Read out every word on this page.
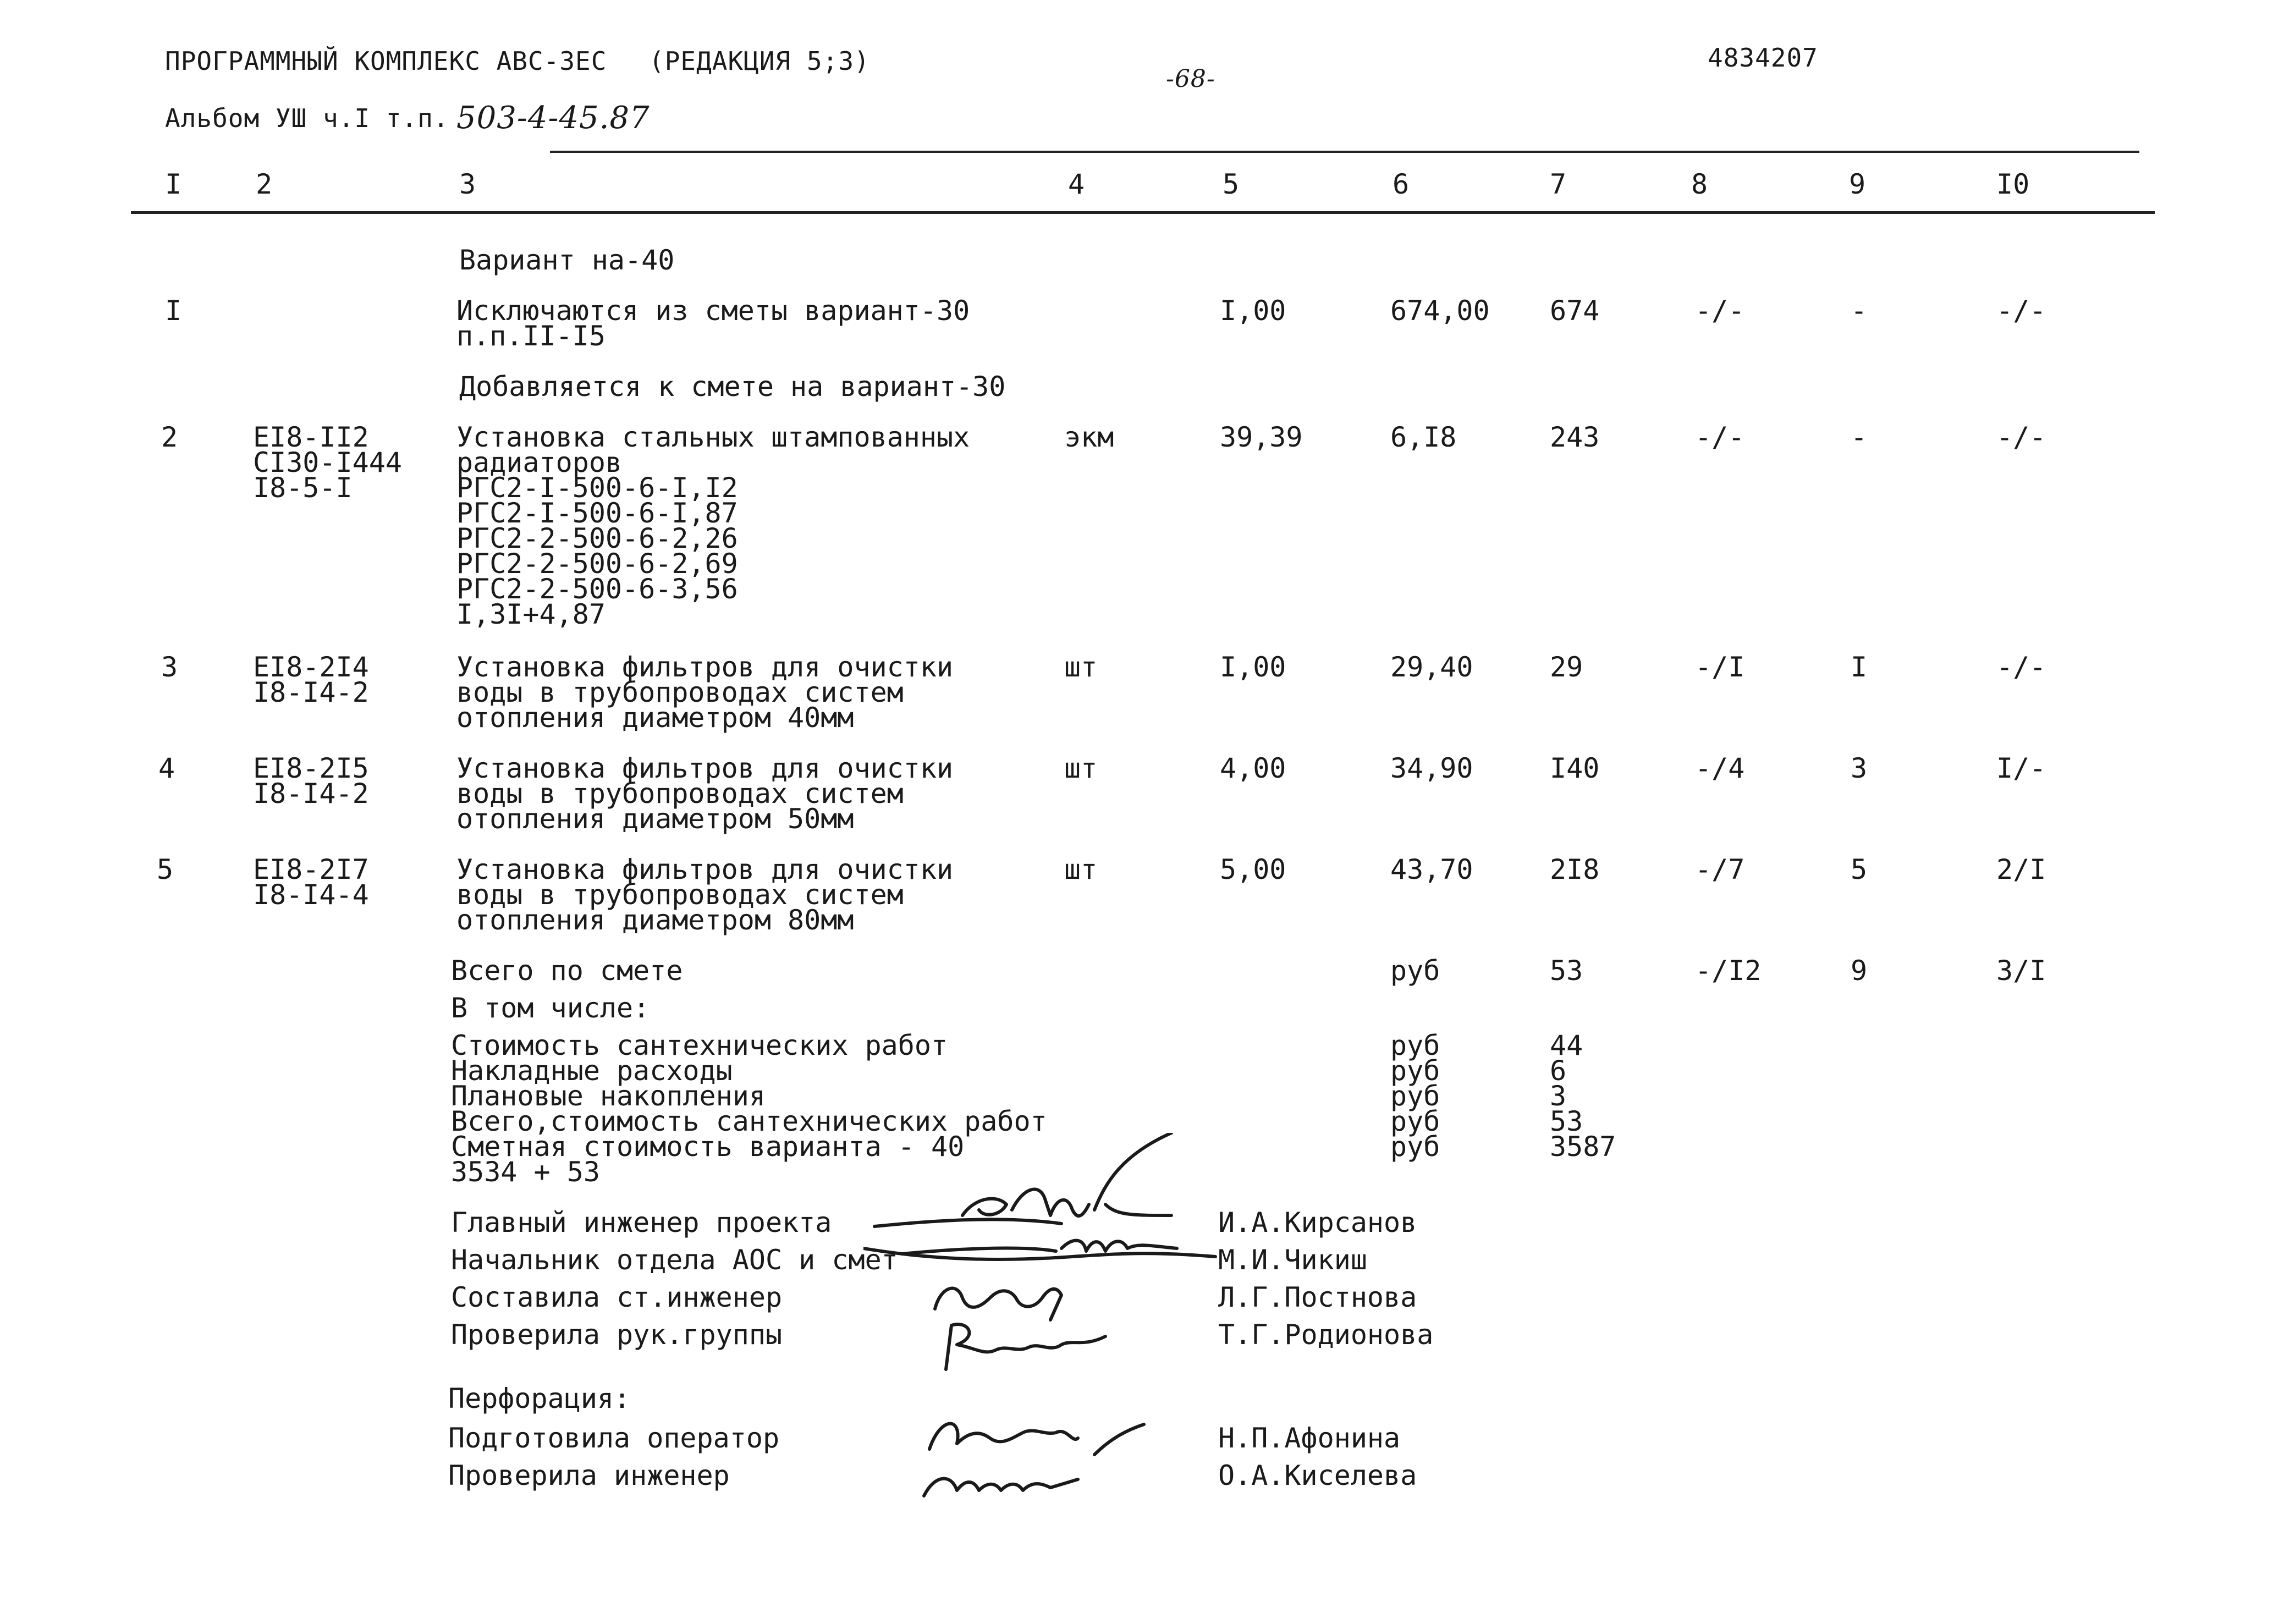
ПРОГРАММНЫЙ КОМПЛЕКС АВС-ЗЕС (РЕДАКЦИЯ 5;3)
-68-
4834207
Альбом УШ ч.I т.п. 503-4-45.87
I	2	3	4	5	6	7	8	9	I0
Вариант на-40
I	Исключаются из сметы вариант-30
п.п.II-I5
I,00	674,00 674	-/-	-	-/-
Добавляется к смете на вариант-30
2	EI8-II2
CI30-I444
I8-5-I
Установка стальных штампованных
радиаторов
РГС2-I-500-6-I,I2
РГС2-I-500-6-I,87
РГС2-2-500-6-2,26
РГС2-2-500-6-2,69
РГС2-2-500-6-3,56
I,3I+4,87
экм	39,39	6,I8	243	-/-	-	-/-
3	EI8-2I4
I8-I4-2
Установка фильтров для очистки
воды в трубопроводах систем
отопления диаметром 40мм
шт	I,00	29,40	29	-/I	I	-/-
4	EI8-2I5
I8-I4-2
Установка фильтров для очистки
воды в трубопроводах систем
отопления диаметром 50мм
шт	4,00	34,90	I40	-/4	3	I/-
5	EI8-2I7
I8-I4-4
Установка фильтров для очистки
воды в трубопроводах систем
отопления диаметром 80мм
шт	5,00	43,70	2I8	-/7	5	2/I
Всего по смете	руб	53	-/I2	9	3/I
В том числе:
Стоимость сантехнических работ	руб	44
Накладные расходы	руб	6
Плановые накопления	руб	3
Всего,стоимость сантехнических работ	руб	53
Сметная стоимость варианта - 40	руб	3587
3534 + 53
Главный инженер проекта	И.А.Кирсанов
Начальник отдела АОС и смет	М.И.Чикиш
Составила ст.инженер	Л.Г.Постнова
Проверила рук.группы	Т.Г.Родионова
Перфорация:
Подготовила оператор	Н.П.Афонина
Проверила инженер	О.А.Киселева
